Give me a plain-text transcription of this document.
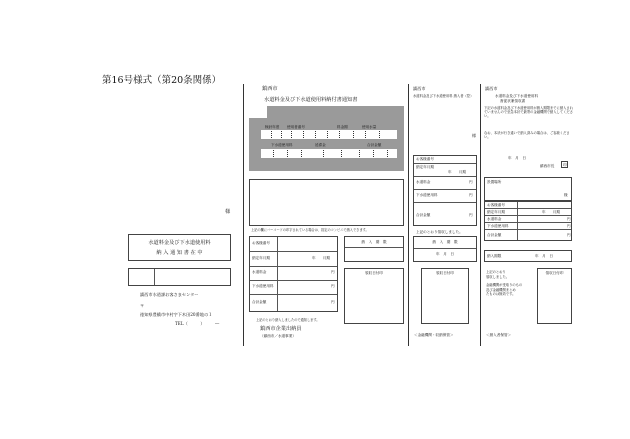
第16号様式（第20条関係）
様
水道料金及び下水道使用料
納 入 通 知 書 在 中
鎮西市水道課お客さまセンター
〒
徳知県豊橋市中村字下木田20番地の１
TEL（　　　）　　　―
鎮西市
水道料金及び下水道使用料納付書通知書
検針年度 使用者番号	料金期	使用水量
下水道使用料	延滞金	合計金額
上記の欄にバーコードの印字されている場合は、指定のコンビニで納入できます。
お客様番号
納定年月期	年　　月期
水道料金	円
下水道使用料	円
合計金額	円
納　入　期　限
領収日付印
上記のとおり納入しましたので通知します。
鎮西市企業出納員
（鎮西市／水道事業）
鎮西市
水道料金及び下水道使用料 納入者（控）
様
お客様番号
納定年月期
年　　月期
水道料金	円
下水道使用料	円
合計金額	円
上記のとおり領収しました。
納　入　期　限
年　月　日
領収日付印
＜金融機関・収納保管＞
鎮西市
水道料金及び下水道使用料
督促状兼領収書
下記の水道料金及び下水道使用料が納入期限までに納入されていませんので至急本状で最寄の金融機関で納入してください。
なお、本状が行き違いで納入済みの場合は、ご容赦ください。
年　月　日
鎮西市長 印
設置場所
様
お客様番号
納定年月期	年　　月期
水道料金	円
下水道使用料	円
合計金額	円
納入期限	年　月　日
上記のとおり
領収しました。
金融機関が受取りのもの
及び金融機関まとめ
たものは無効です。
領収日付印
＜納入者保管＞
